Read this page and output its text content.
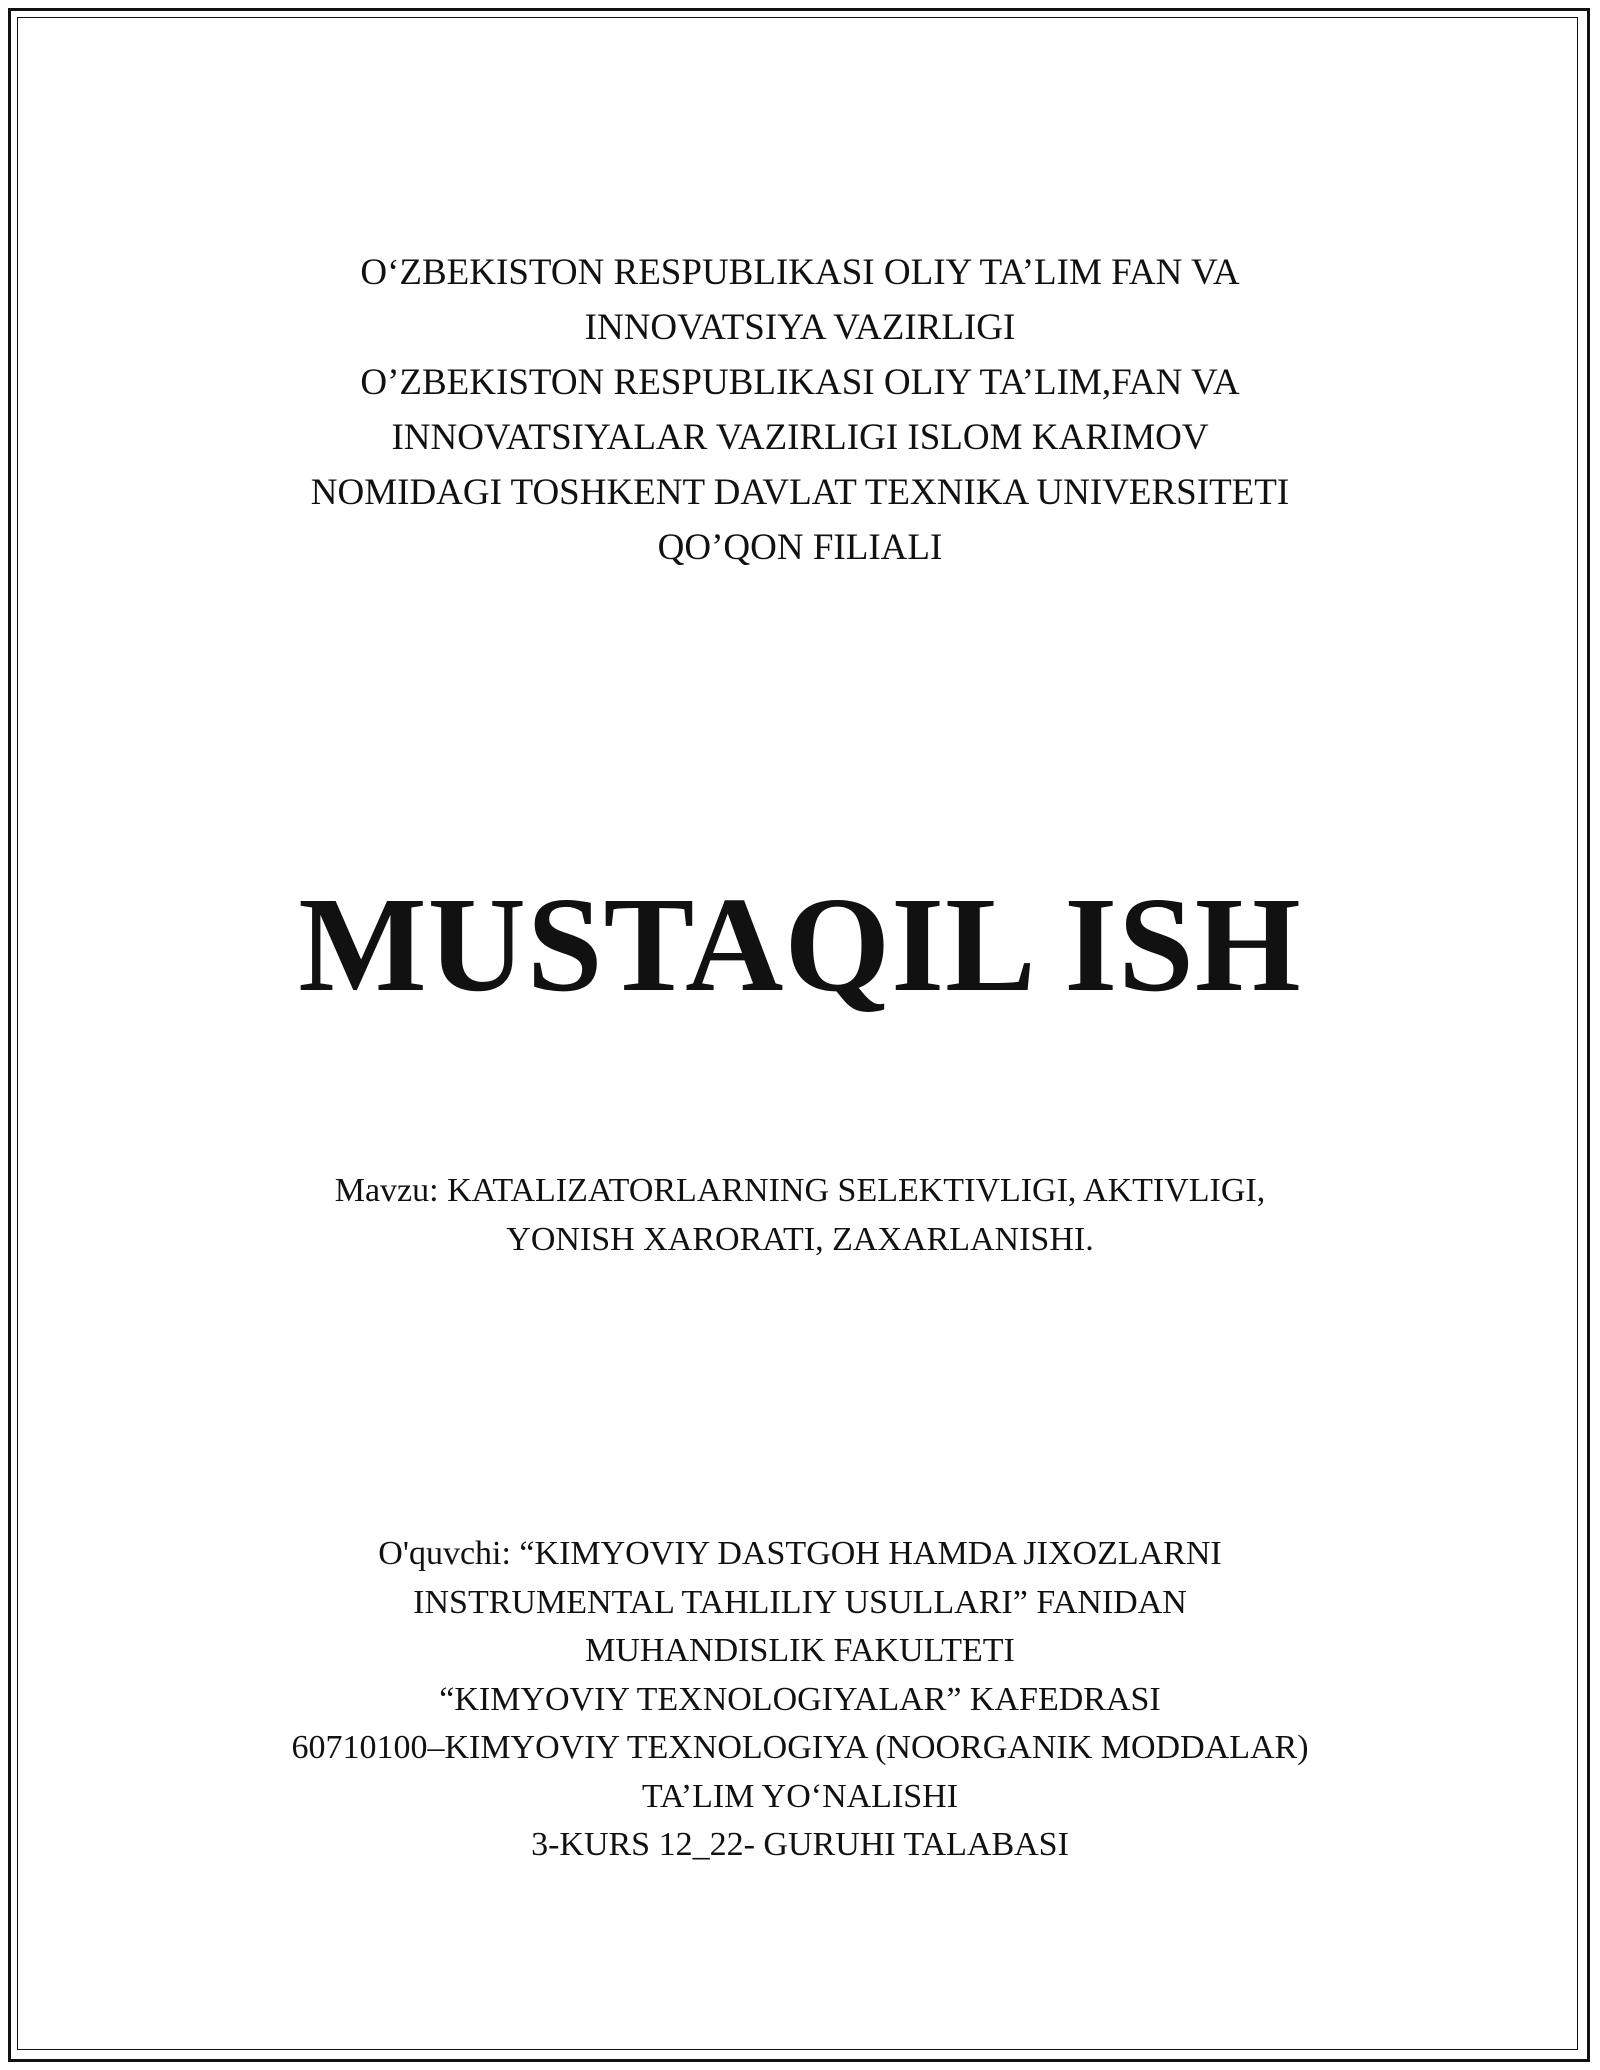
O‘ZBEKISTON RESPUBLIKASI OLIY TA’LIM FAN VA
INNOVATSIYA VAZIRLIGI
O’ZBEKISTON RESPUBLIKASI OLIY TA’LIM,FAN VA
INNOVATSIYALAR VAZIRLIGI ISLOM KARIMOV
NOMIDAGI TOSHKENT DAVLAT TEXNIKA UNIVERSITETI
QO’QON FILIALI
MUSTAQIL ISH
Mavzu: KATALIZATORLARNING SELEKTIVLIGI, AKTIVLIGI,
YONISH XARORATI, ZAXARLANISHI.
O'quvchi: “KIMYOVIY DASTGOH HAMDA JIXOZLARNI
INSTRUMENTAL TAHLILIY USULLARI” FANIDAN
MUHANDISLIK FAKULTETI
“KIMYOVIY TEXNOLOGIYALAR” KAFEDRASI
60710100–KIMYOVIY TEXNOLOGIYA (NOORGANIK MODDALAR)
TA’LIM YO‘NALISHI
3-KURS 12_22- GURUHI TALABASI
